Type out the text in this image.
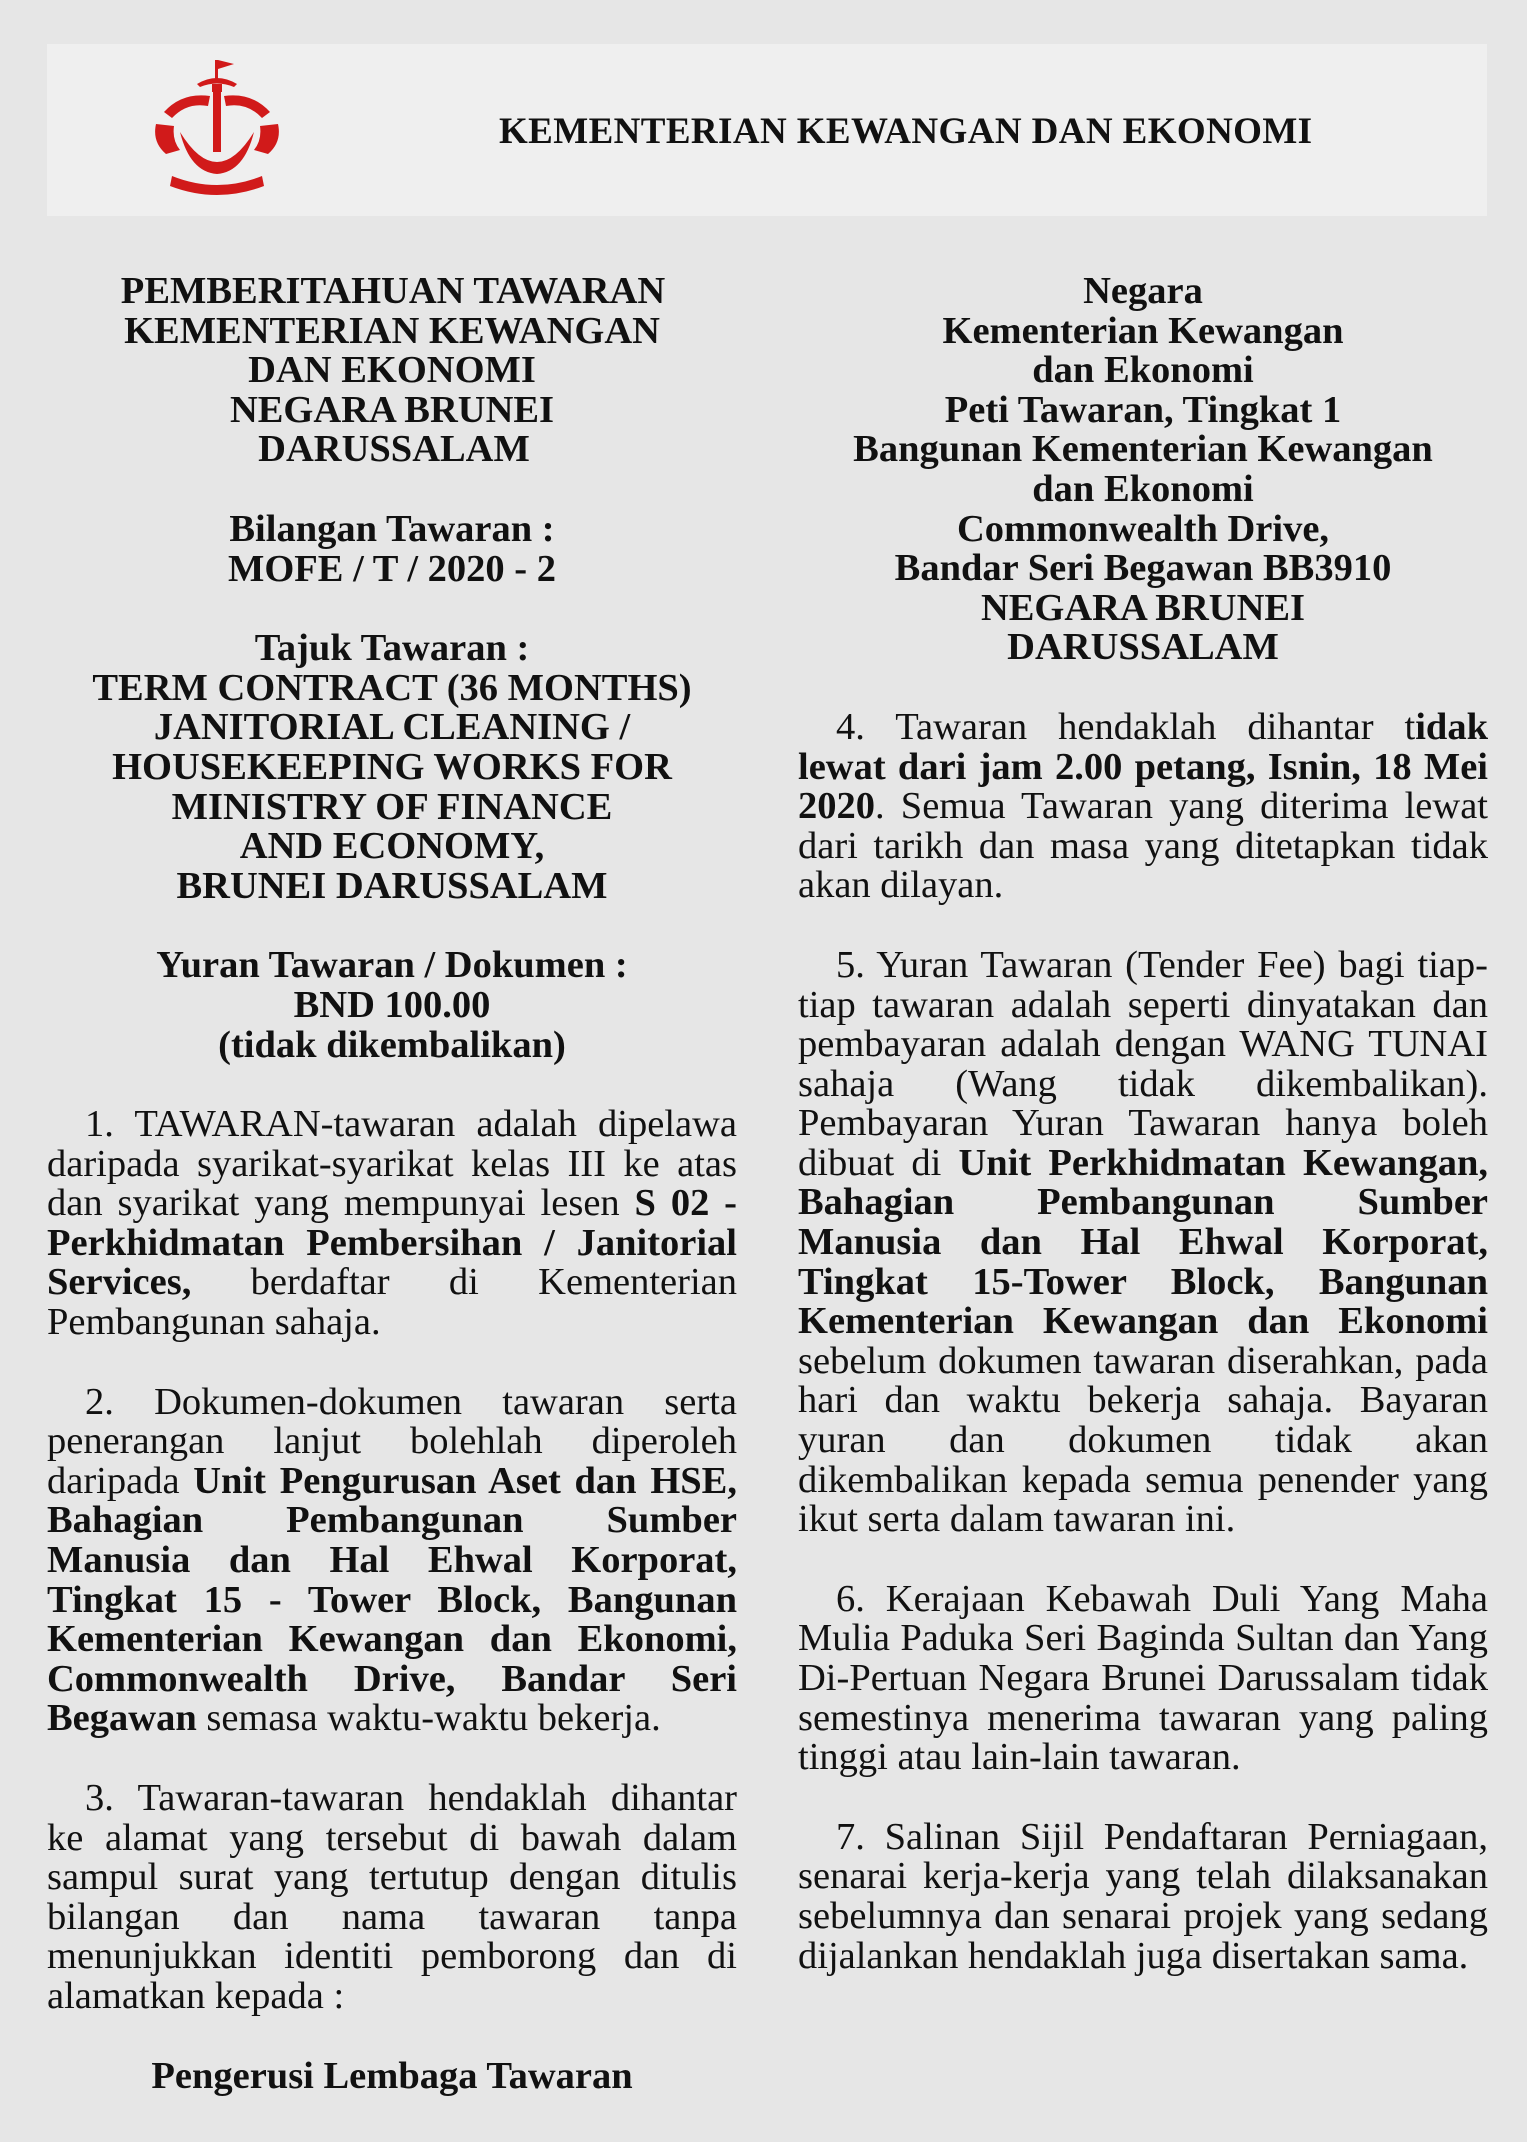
KEMENTERIAN KEWANGAN DAN EKONOMI
PEMBERITAHUAN TAWARAN
KEMENTERIAN KEWANGAN
DAN EKONOMI
NEGARA BRUNEI
DARUSSALAM
Bilangan Tawaran :
MOFE / T / 2020 - 2
Tajuk Tawaran :
TERM CONTRACT (36 MONTHS)
JANITORIAL CLEANING /
HOUSEKEEPING WORKS FOR
MINISTRY OF FINANCE
AND ECONOMY,
BRUNEI DARUSSALAM
Yuran Tawaran / Dokumen :
BND 100.00
(tidak dikembalikan)

1. TAWARAN-tawaran adalah dipelawa daripada syarikat-syarikat kelas III ke atas dan syarikat yang mempunyai lesen S 02 - Perkhidmatan Pembersihan / Janitorial Services, berdaftar di Kementerian Pembangunan sahaja.

2. Dokumen-dokumen tawaran serta penerangan lanjut bolehlah diperoleh daripada Unit Pengurusan Aset dan HSE, Bahagian Pembangunan Sumber Manusia dan Hal Ehwal Korporat, Tingkat 15 - Tower Block, Bangunan Kementerian Kewangan dan Ekonomi, Commonwealth Drive, Bandar Seri Begawan semasa waktu-waktu bekerja.

3. Tawaran-tawaran hendaklah dihantar ke alamat yang tersebut di bawah dalam sampul surat yang tertutup dengan ditulis bilangan dan nama tawaran tanpa menunjukkan identiti pemborong dan di alamatkan kepada :

Pengerusi Lembaga Tawaran
Negara
Kementerian Kewangan
dan Ekonomi
Peti Tawaran, Tingkat 1
Bangunan Kementerian Kewangan
dan Ekonomi
Commonwealth Drive,
Bandar Seri Begawan BB3910
NEGARA BRUNEI
DARUSSALAM

4. Tawaran hendaklah dihantar tidak lewat dari jam 2.00 petang, Isnin, 18 Mei 2020. Semua Tawaran yang diterima lewat dari tarikh dan masa yang ditetapkan tidak akan dilayan.

5. Yuran Tawaran (Tender Fee) bagi tiap-tiap tawaran adalah seperti dinyatakan dan pembayaran adalah dengan WANG TUNAI sahaja (Wang tidak dikembalikan). Pembayaran Yuran Tawaran hanya boleh dibuat di Unit Perkhidmatan Kewangan, Bahagian Pembangunan Sumber Manusia dan Hal Ehwal Korporat, Tingkat 15-Tower Block, Bangunan Kementerian Kewangan dan Ekonomi sebelum dokumen tawaran diserahkan, pada hari dan waktu bekerja sahaja. Bayaran yuran dan dokumen tidak akan dikembalikan kepada semua penender yang ikut serta dalam tawaran ini.

6. Kerajaan Kebawah Duli Yang Maha Mulia Paduka Seri Baginda Sultan dan Yang Di-Pertuan Negara Brunei Darussalam tidak semestinya menerima tawaran yang paling tinggi atau lain-lain tawaran.

7. Salinan Sijil Pendaftaran Perniagaan, senarai kerja-kerja yang telah dilaksanakan sebelumnya dan senarai projek yang sedang dijalankan hendaklah juga disertakan sama.
